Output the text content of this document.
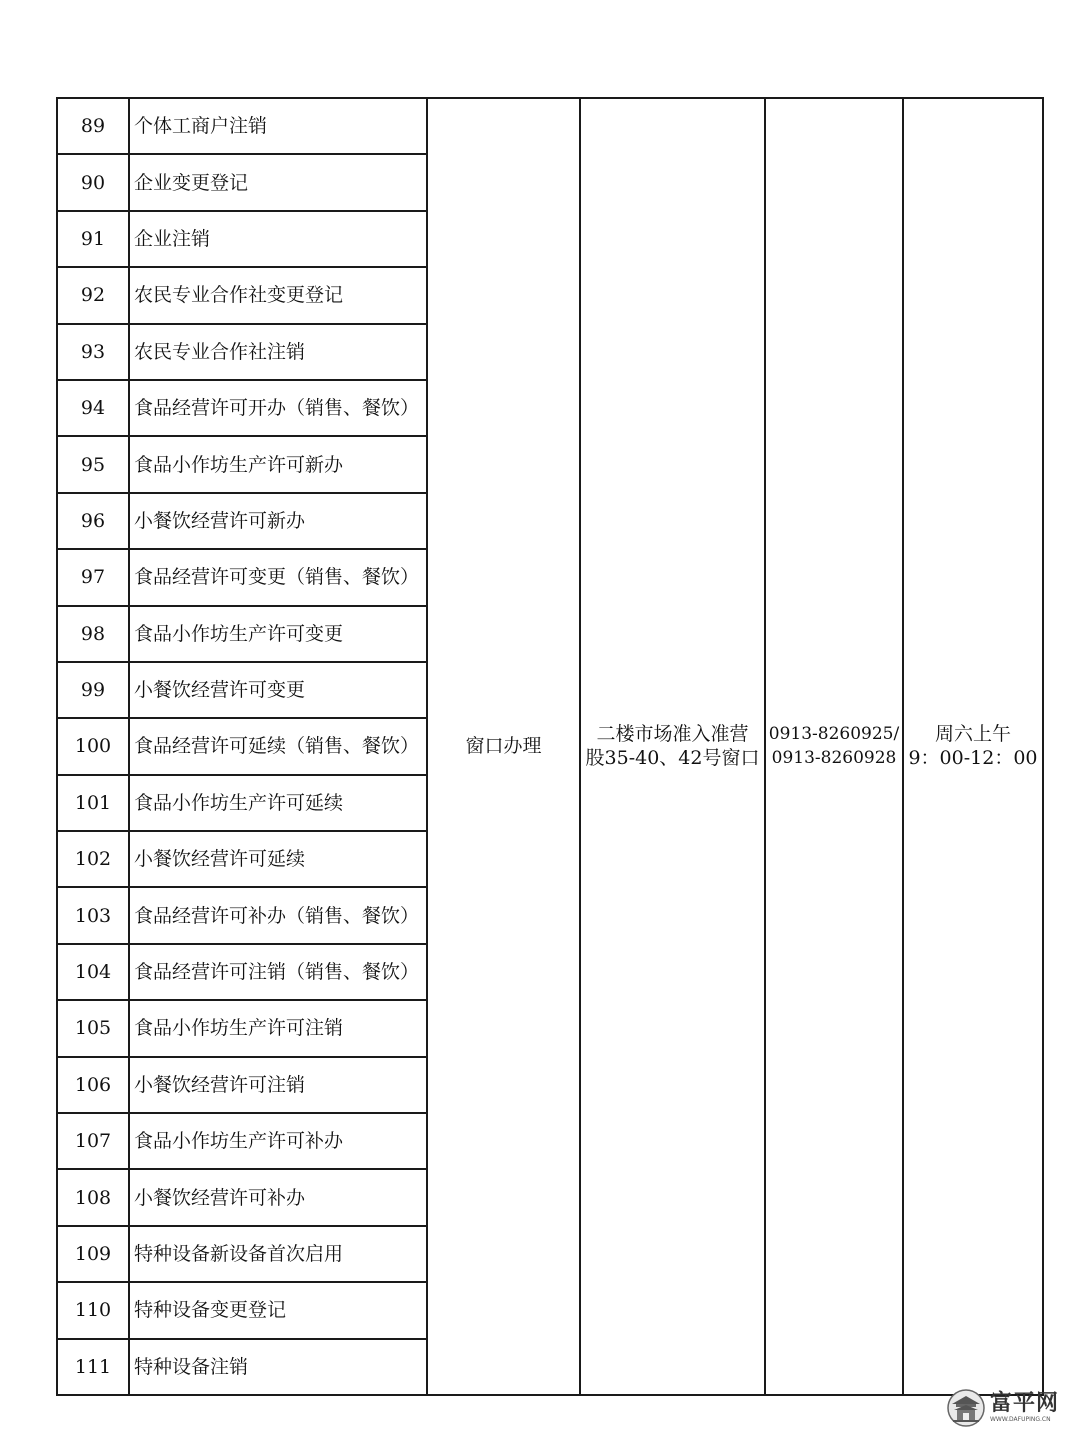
89	个体工商户注销	窗口办理	二楼市场准入准营
股35-40、42号窗口	0913-8260925/
0913-8260928	周六上午
9：00-12：00

90	企业变更登记				
91	企业注销				
92	农民专业合作社变更登记				
93	农民专业合作社注销				
94	食品经营许可开办（销售、餐饮）				
95	食品小作坊生产许可新办				
96	小餐饮经营许可新办				
97	食品经营许可变更（销售、餐饮）				
98	食品小作坊生产许可变更				
99	小餐饮经营许可变更				
100	食品经营许可延续（销售、餐饮）				
101	食品小作坊生产许可延续				
102	小餐饮经营许可延续				
103	食品经营许可补办（销售、餐饮）				
104	食品经营许可注销（销售、餐饮）				
105	食品小作坊生产许可注销				
106	小餐饮经营许可注销				
107	食品小作坊生产许可补办				
108	小餐饮经营许可补办				
109	特种设备新设备首次启用				
110	特种设备变更登记				
111	特种设备注销				
富平网
WWW.DAFUPING.CN
